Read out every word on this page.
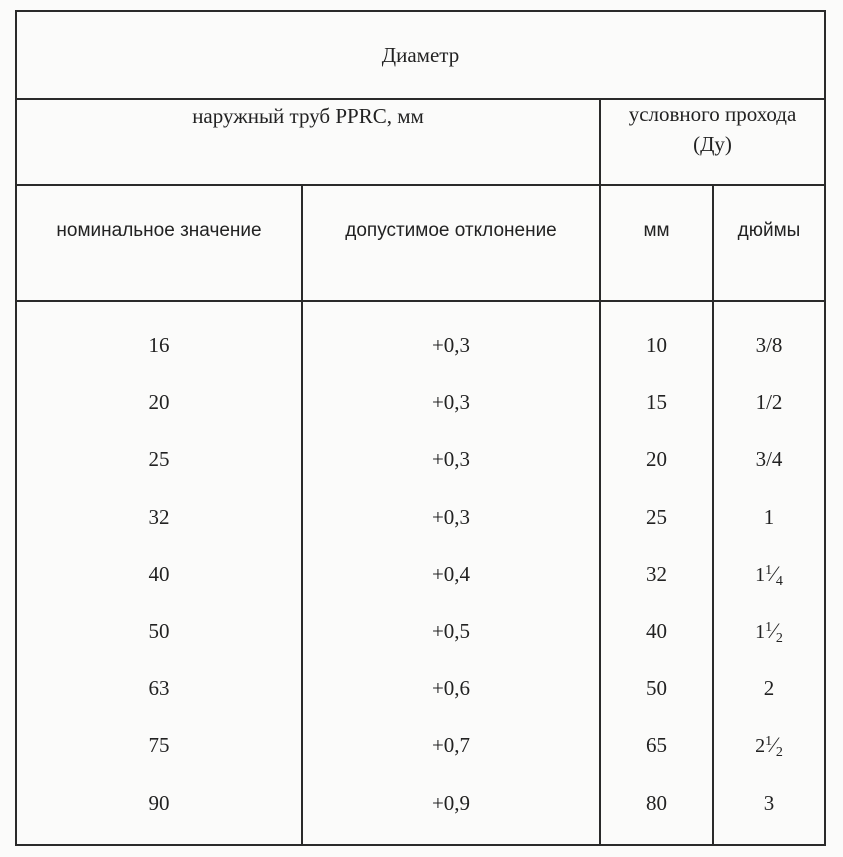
Диаметр
наружный труб PPRC, мм	условного прохода
(Ду)
номинальное значение	допустимое отклонение	мм	дюймы
16	+0,3	10	3/8
20	+0,3	15	1/2
25	+0,3	20	3/4
32	+0,3	25	1
40	+0,4	32	$1^1⁄4$
50	+0,5	40	$1^1⁄2$
63	+0,6	50	2
75	+0,7	65	$2^1⁄2$
90	+0,9	80	3
